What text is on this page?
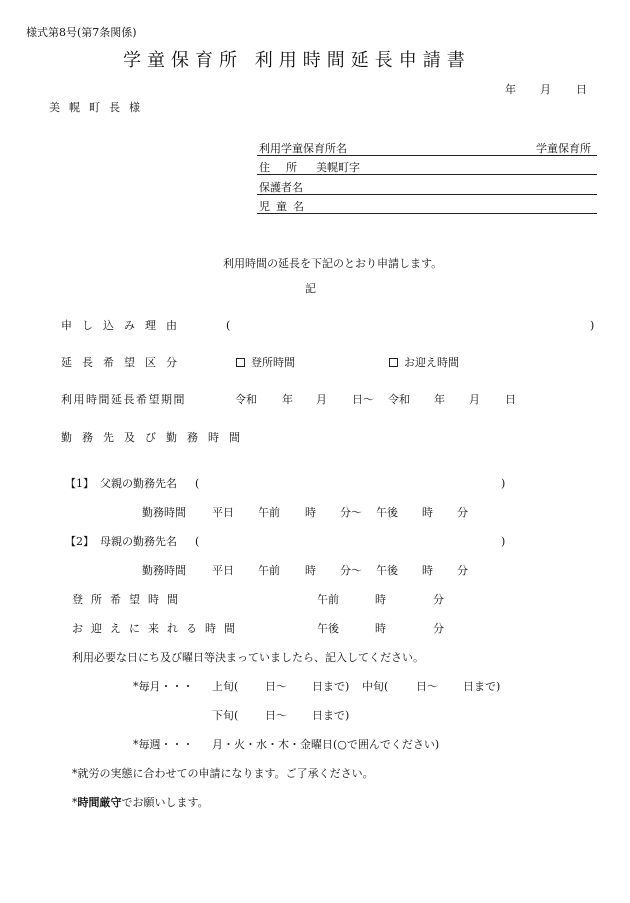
様式第8号(第7条関係)
学童保育所 利用時間延長申請書
年 月 日
美幌町長様
利用学童保育所名	学童保育所
住所 美幌町字
保護者名
児童名
利用時間の延長を下記のとおり申請します。
記
申し込み理由	(	)
延長希望区分	登所時間	お迎え時間
利用時間延長希望期間	令和 年 月 日〜 令和 年 月 日
勤務先及び勤務時間
【1】 父親の勤務先名 (	)
勤務時間 平日 午前 時 分〜 午後 時 分
【2】 母親の勤務先名 (	)
勤務時間 平日 午前 時 分〜 午後 時 分
登所希望時間	午前	時	分
お迎えに来れる時間	午後	時	分
利用必要な日にち及び曜日等決まっていましたら、記入してください。
*毎月・・・ 上旬( 日〜 日まで) 中旬(	日〜 日まで)
下旬( 日〜 日まで)
*毎週・・・ 月・火・水・木・金曜日(○で囲んでください)
*就労の実態に合わせての申請になります。ご了承ください。
*時間厳守でお願いします。
